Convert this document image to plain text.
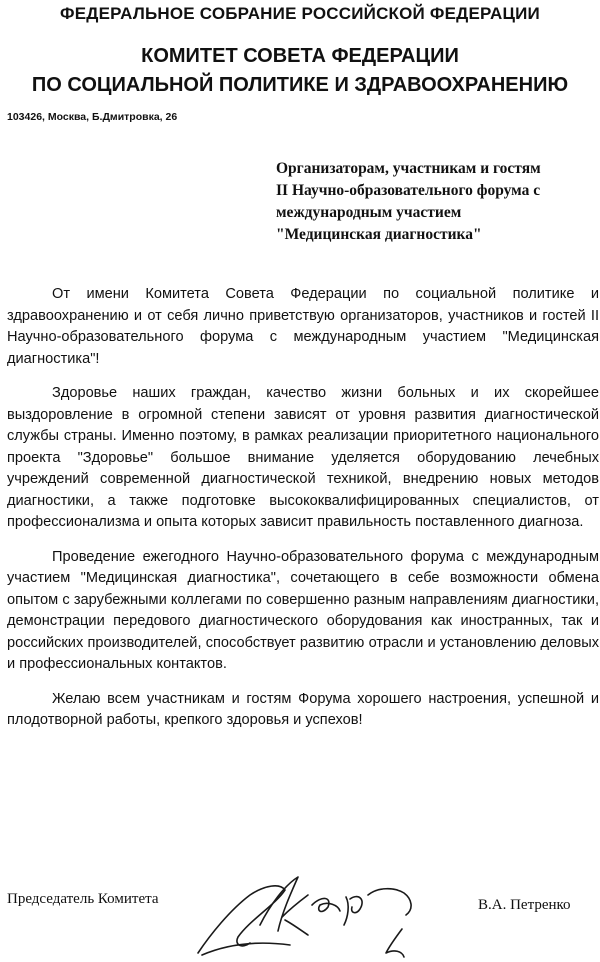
ФЕДЕРАЛЬНОЕ СОБРАНИЕ РОССИЙСКОЙ ФЕДЕРАЦИИ
КОМИТЕТ СОВЕТА ФЕДЕРАЦИИ
ПО СОЦИАЛЬНОЙ ПОЛИТИКЕ И ЗДРАВООХРАНЕНИЮ
103426, Москва, Б.Дмитровка, 26
Организаторам, участникам и гостям
II Научно-образовательного форума с
международным участием
"Медицинская диагностика"

От имени Комитета Совета Федерации по социальной политике и здравоохранению и от себя лично приветствую организаторов, участников и гостей II Научно-образовательного форума с международным участием "Медицинская диагностика"!

Здоровье наших граждан, качество жизни больных и их скорейшее выздоровление в огромной степени зависят от уровня развития диагностической службы страны. Именно поэтому, в рамках реализации приоритетного национального проекта "Здоровье" большое внимание уделяется оборудованию лечебных учреждений современной диагностической техникой, внедрению новых методов диагностики, а также подготовке высококвалифицированных специалистов, от профессионализма и опыта которых зависит правильность поставленного диагноза.

Проведение ежегодного Научно-образовательного форума с международным участием "Медицинская диагностика", сочетающего в себе возможности обмена опытом с зарубежными коллегами по совершенно разным направлениям диагностики, демонстрации передового диагностического оборудования как иностранных, так и российских производителей, способствует развитию отрасли и установлению деловых и профессиональных контактов.

Желаю всем участникам и гостям Форума хорошего настроения, успешной и плодотворной работы, крепкого здоровья и успехов!

Председатель Комитета	В.А. Петренко
